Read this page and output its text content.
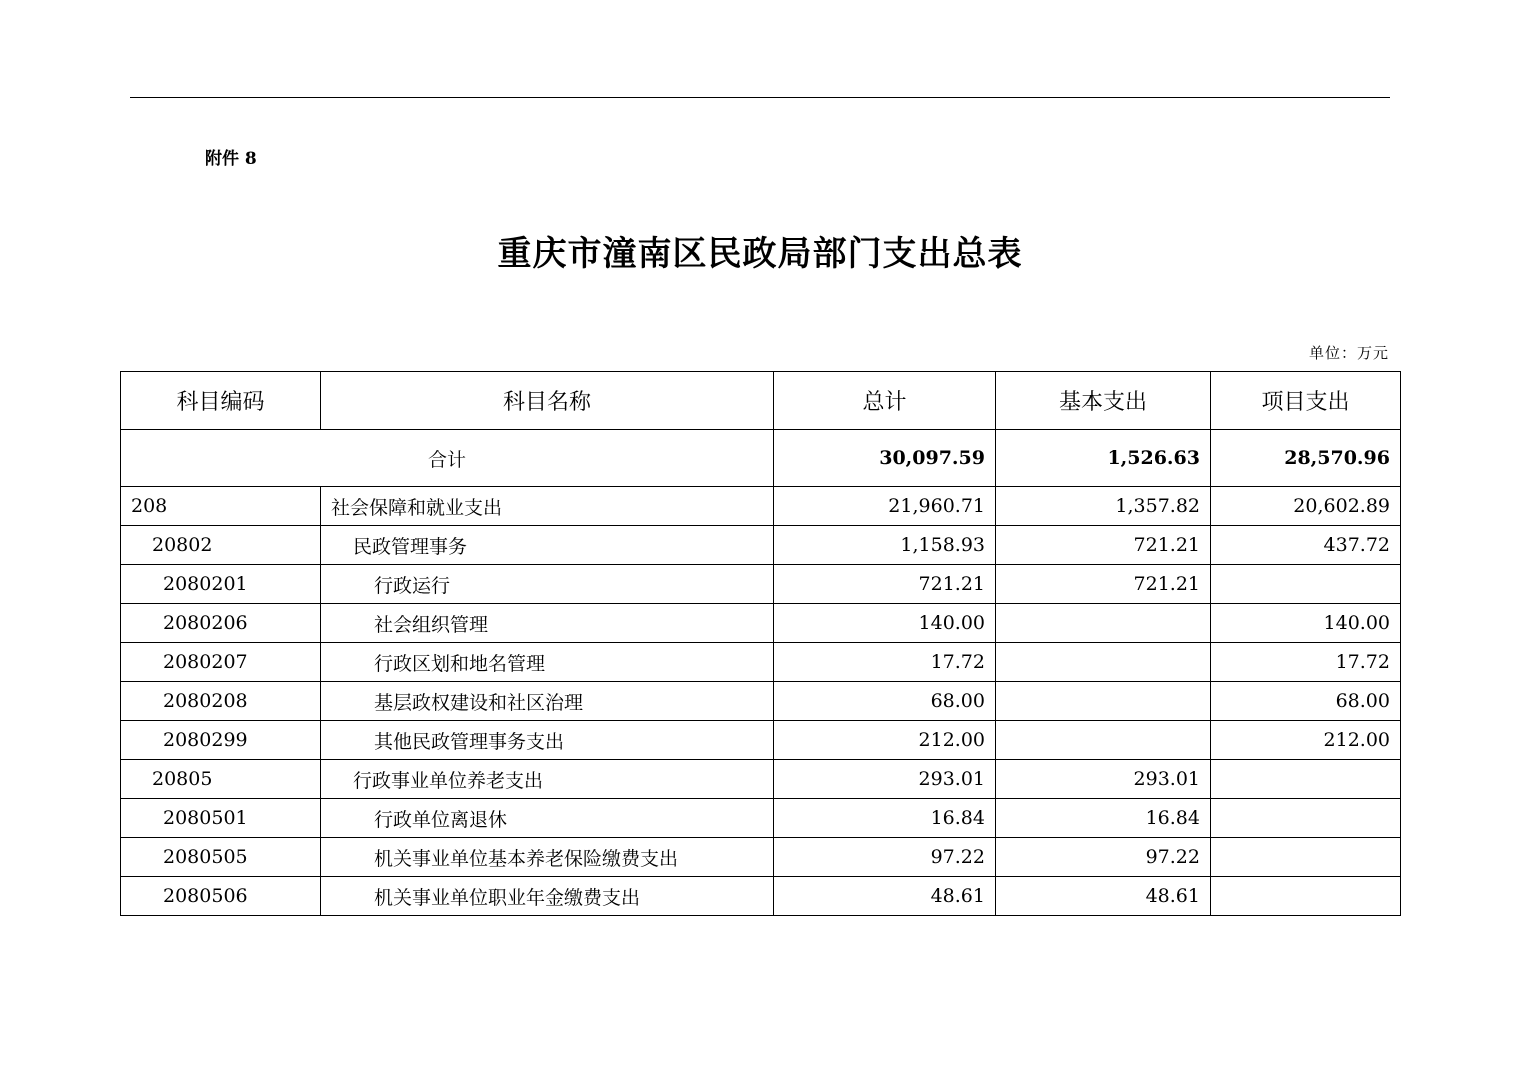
附件 8
重庆市潼南区民政局部门支出总表
单位：万元
科目编码	科目名称	总计	基本支出	项目支出
合计		30,097.59	1,526.63	28,570.96
208	社会保障和就业支出	21,960.71	1,357.82	20,602.89
20802	民政管理事务	1,158.93	721.21	437.72
2080201	行政运行	721.21	721.21	
2080206	社会组织管理	140.00		140.00
2080207	行政区划和地名管理	17.72		17.72
2080208	基层政权建设和社区治理	68.00		68.00
2080299	其他民政管理事务支出	212.00		212.00
20805	行政事业单位养老支出	293.01	293.01	
2080501	行政单位离退休	16.84	16.84	
2080505	机关事业单位基本养老保险缴费支出	97.22	97.22	
2080506	机关事业单位职业年金缴费支出	48.61	48.61	
